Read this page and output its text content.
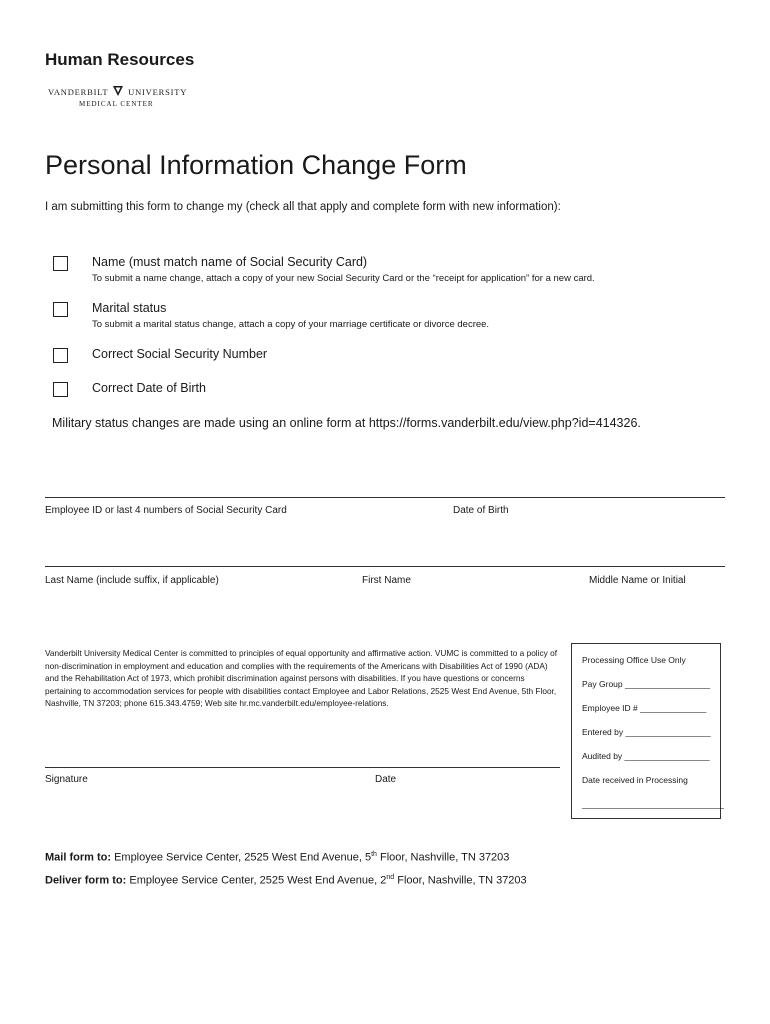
Human Resources
VANDERBILT UNIVERSITY
MEDICAL CENTER
Personal Information Change Form
I am submitting this form to change my (check all that apply and complete form with new information):
Name (must match name of Social Security Card)
To submit a name change, attach a copy of your new Social Security Card or the “receipt for application” for a new card.
Marital status
To submit a marital status change, attach a copy of your marriage certificate or divorce decree.
Correct Social Security Number
Correct Date of Birth
Military status changes are made using an online form at https://forms.vanderbilt.edu/view.php?id=414326.
Employee ID or last 4 numbers of Social Security Card	Date of Birth
Last Name (include suffix, if applicable)	First Name	Middle Name or Initial
Vanderbilt University Medical Center is committed to principles of equal opportunity and affirmative action. VUMC is committed to a policy of non-discrimination in employment and education and complies with the requirements of the Americans with Disabilities Act of 1990 (ADA) and the Rehabilitation Act of 1973, which prohibit discrimination against persons with disabilities. If you have questions or concerns pertaining to accommodation services for people with disabilities contact Employee and Labor Relations, 2525 West End Avenue, 5th Floor, Nashville, TN 37203; phone 615.343.4759; Web site hr.mc.vanderbilt.edu/employee-relations.
Processing Office Use Only
Pay Group __________________
Employee ID # ______________
Entered by __________________
Audited by __________________
Date received in Processing
______________________________
Signature	Date
Mail form to: Employee Service Center, 2525 West End Avenue, 5th Floor, Nashville, TN 37203
Deliver form to: Employee Service Center, 2525 West End Avenue, 2nd Floor, Nashville, TN 37203
